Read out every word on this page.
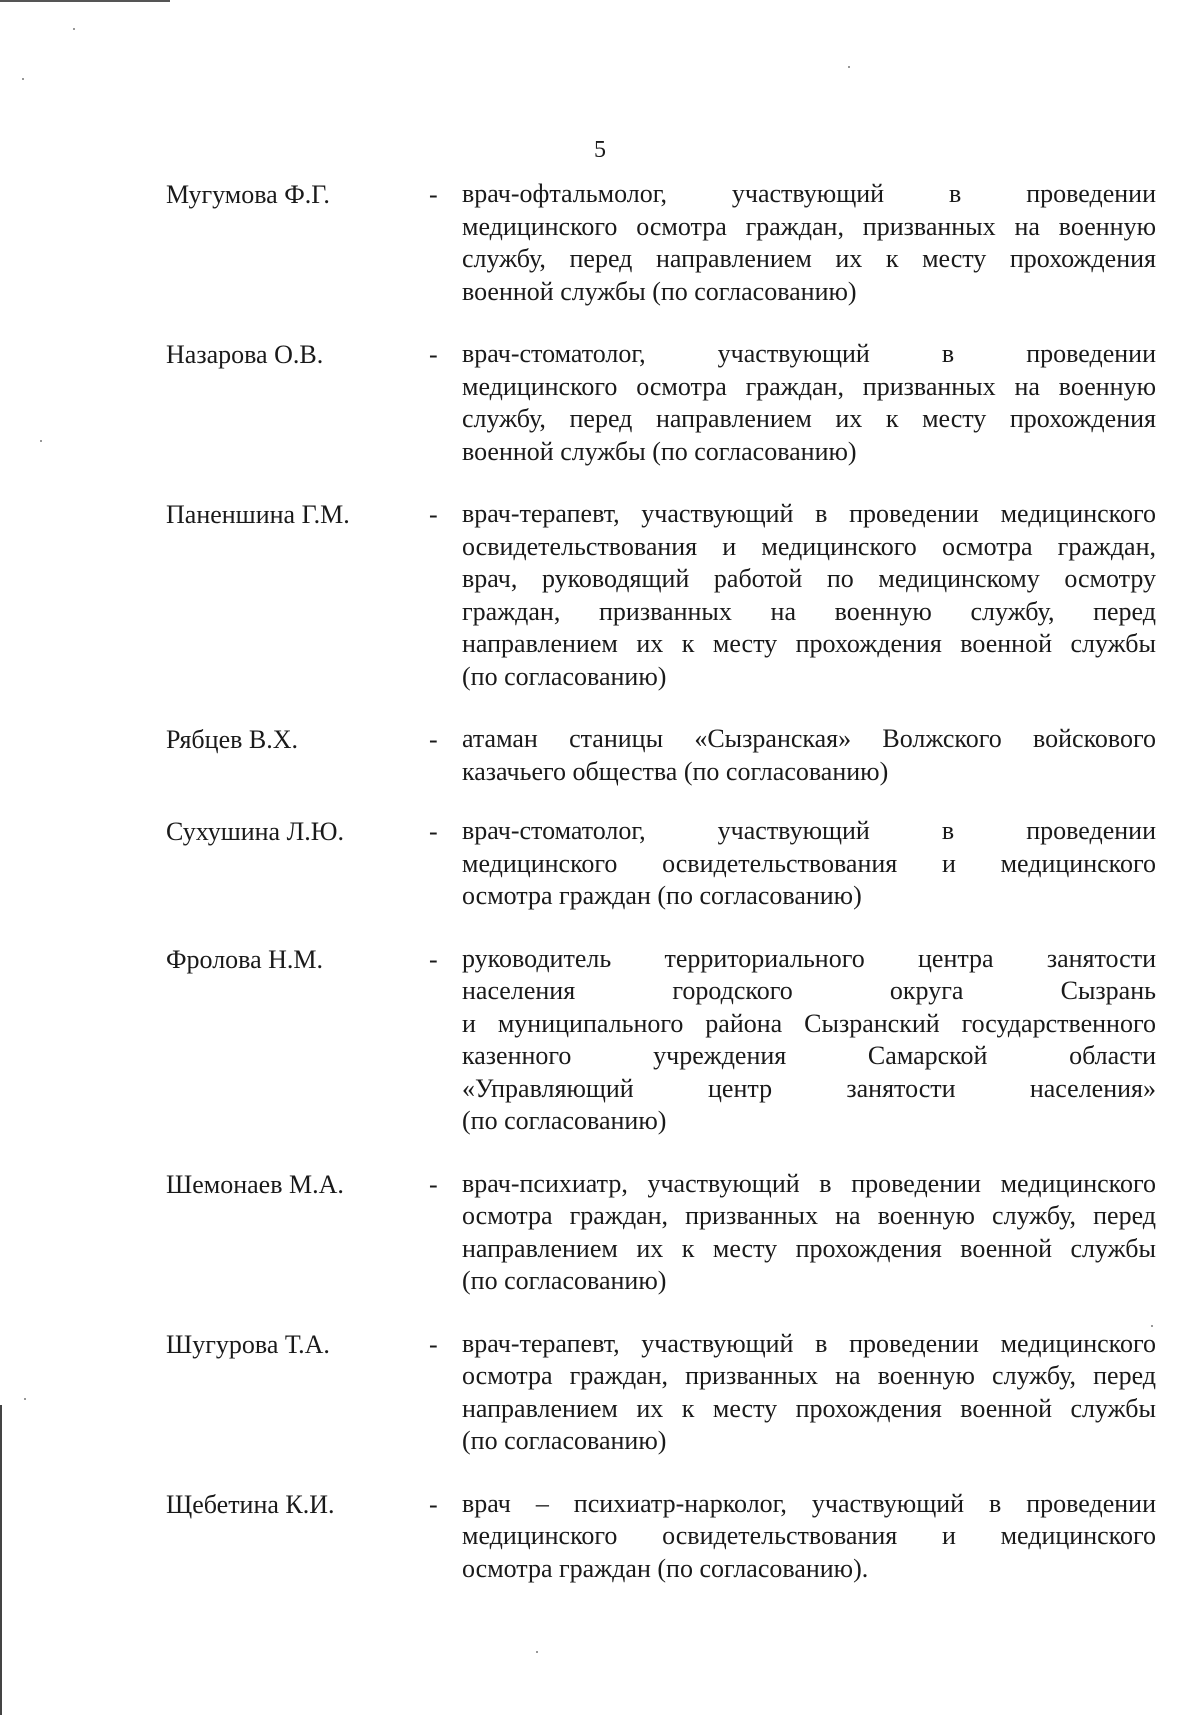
5
Мугумова Ф.Г.	- врач-офтальмолог, участвующий в проведении
медицинского осмотра граждан, призванных на военную
службу, перед направлением их к месту прохождения
военной службы (по согласованию)
Назарова О.В.	- врач-стоматолог, участвующий в проведении
медицинского осмотра граждан, призванных на военную
службу, перед направлением их к месту прохождения
военной службы (по согласованию)
Паненшина Г.М.	- врач-терапевт, участвующий в проведении медицинского
освидетельствования и медицинского осмотра граждан,
врач, руководящий работой по медицинскому осмотру
граждан, призванных на военную службу, перед
направлением их к месту прохождения военной службы
(по согласованию)
Рябцев В.Х.	- атаман станицы «Сызранская» Волжского войскового
казачьего общества (по согласованию)
Сухушина Л.Ю.	- врач-стоматолог, участвующий в проведении
медицинского освидетельствования и медицинского
осмотра граждан (по согласованию)
Фролова Н.М.	- руководитель территориального центра занятости
населения городского округа Сызрань
и муниципального района Сызранский государственного
казенного учреждения Самарской области
«Управляющий центр занятости населения»
(по согласованию)
Шемонаев М.А.	- врач-психиатр, участвующий в проведении медицинского
осмотра граждан, призванных на военную службу, перед
направлением их к месту прохождения военной службы
(по согласованию)
Шугурова Т.А.	- врач-терапевт, участвующий в проведении медицинского
осмотра граждан, призванных на военную службу, перед
направлением их к месту прохождения военной службы
(по согласованию)
Щебетина К.И.	- врач – психиатр-нарколог, участвующий в проведении
медицинского освидетельствования и медицинского
осмотра граждан (по согласованию).
